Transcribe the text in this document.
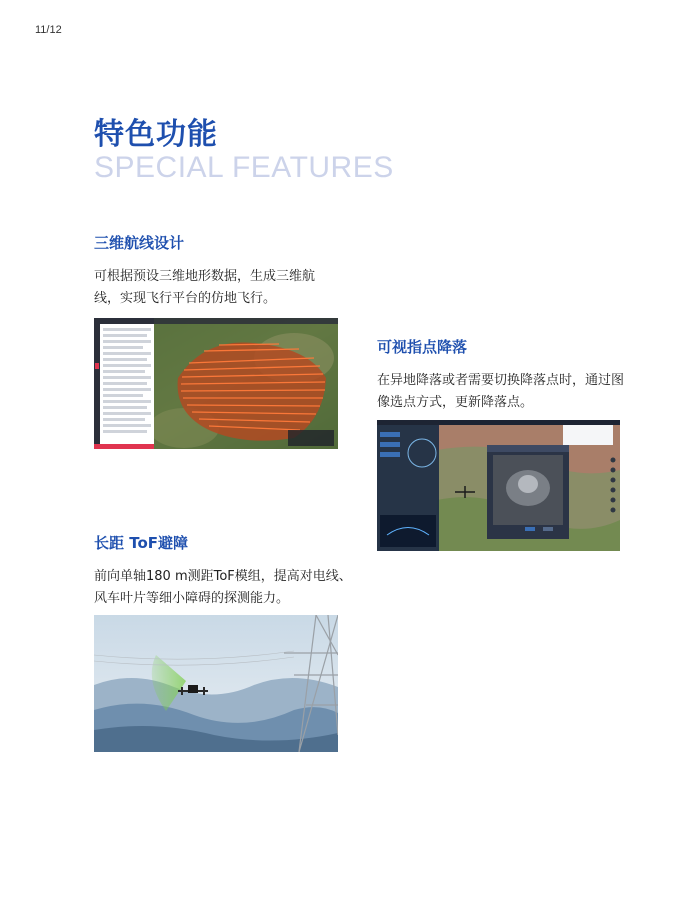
11/12
特色功能
SPECIAL FEATURES
三维航线设计
可根据预设三维地形数据，生成三维航线，实现飞行平台的仿地飞行。
可视指点降落
在异地降落或者需要切换降落点时，通过图像选点方式，更新降落点。
长距 ToF避障
前向单轴180 m测距ToF模组，提高对电线、风车叶片等细小障碍的探测能力。
